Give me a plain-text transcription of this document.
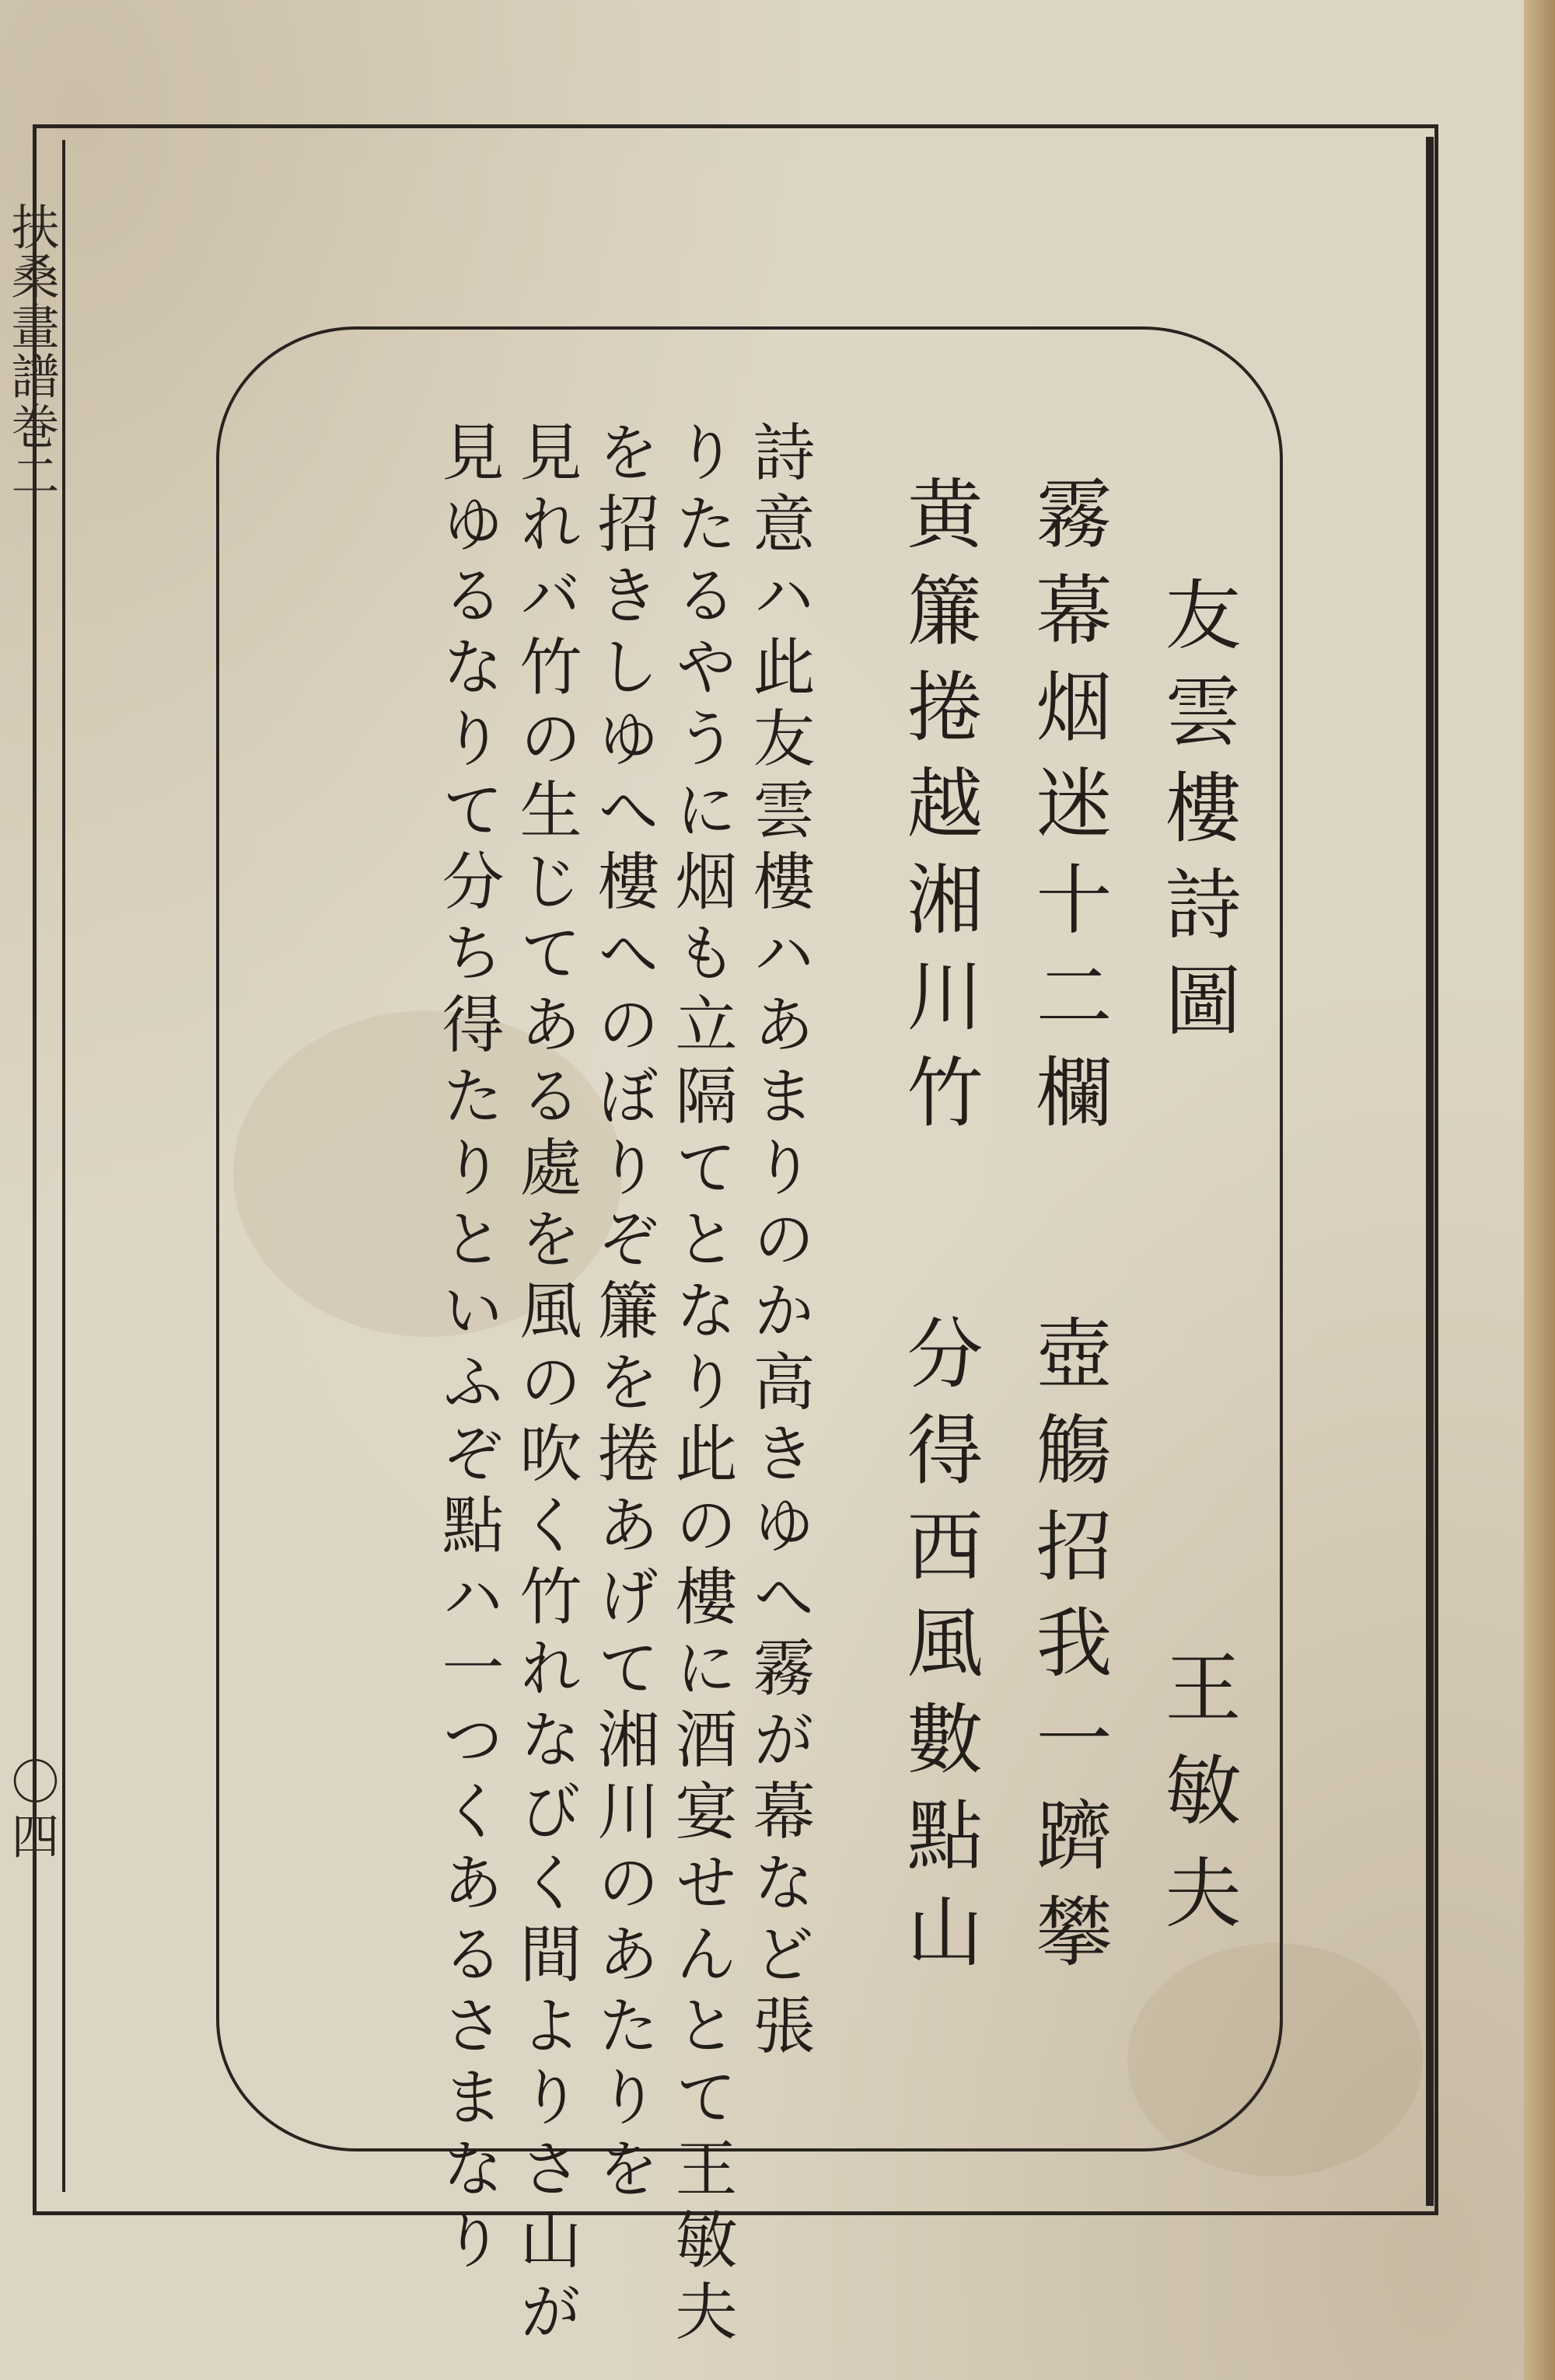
扶桑畫譜巻二
〇四
友雲樓詩圖
霧幕烟迷十二欄
黄簾捲越湘川竹
壺觴招我一躋攀
分得西風數點山 王敏夫
詩意ハ此友雲樓ハあまりのか高きゆへ霧が幕など張
りたるやうに烟も立隔てとなり此の樓に酒宴せんとて王敏夫
を招きしゆへ樓へのぼりぞ簾を捲あげて湘川のあたりを
見れバ竹の生じてある處を風の吹く竹れなびく間よりさ山が
見ゆるなりて分ち得たりといふぞ點ハ一つくあるさまなり
